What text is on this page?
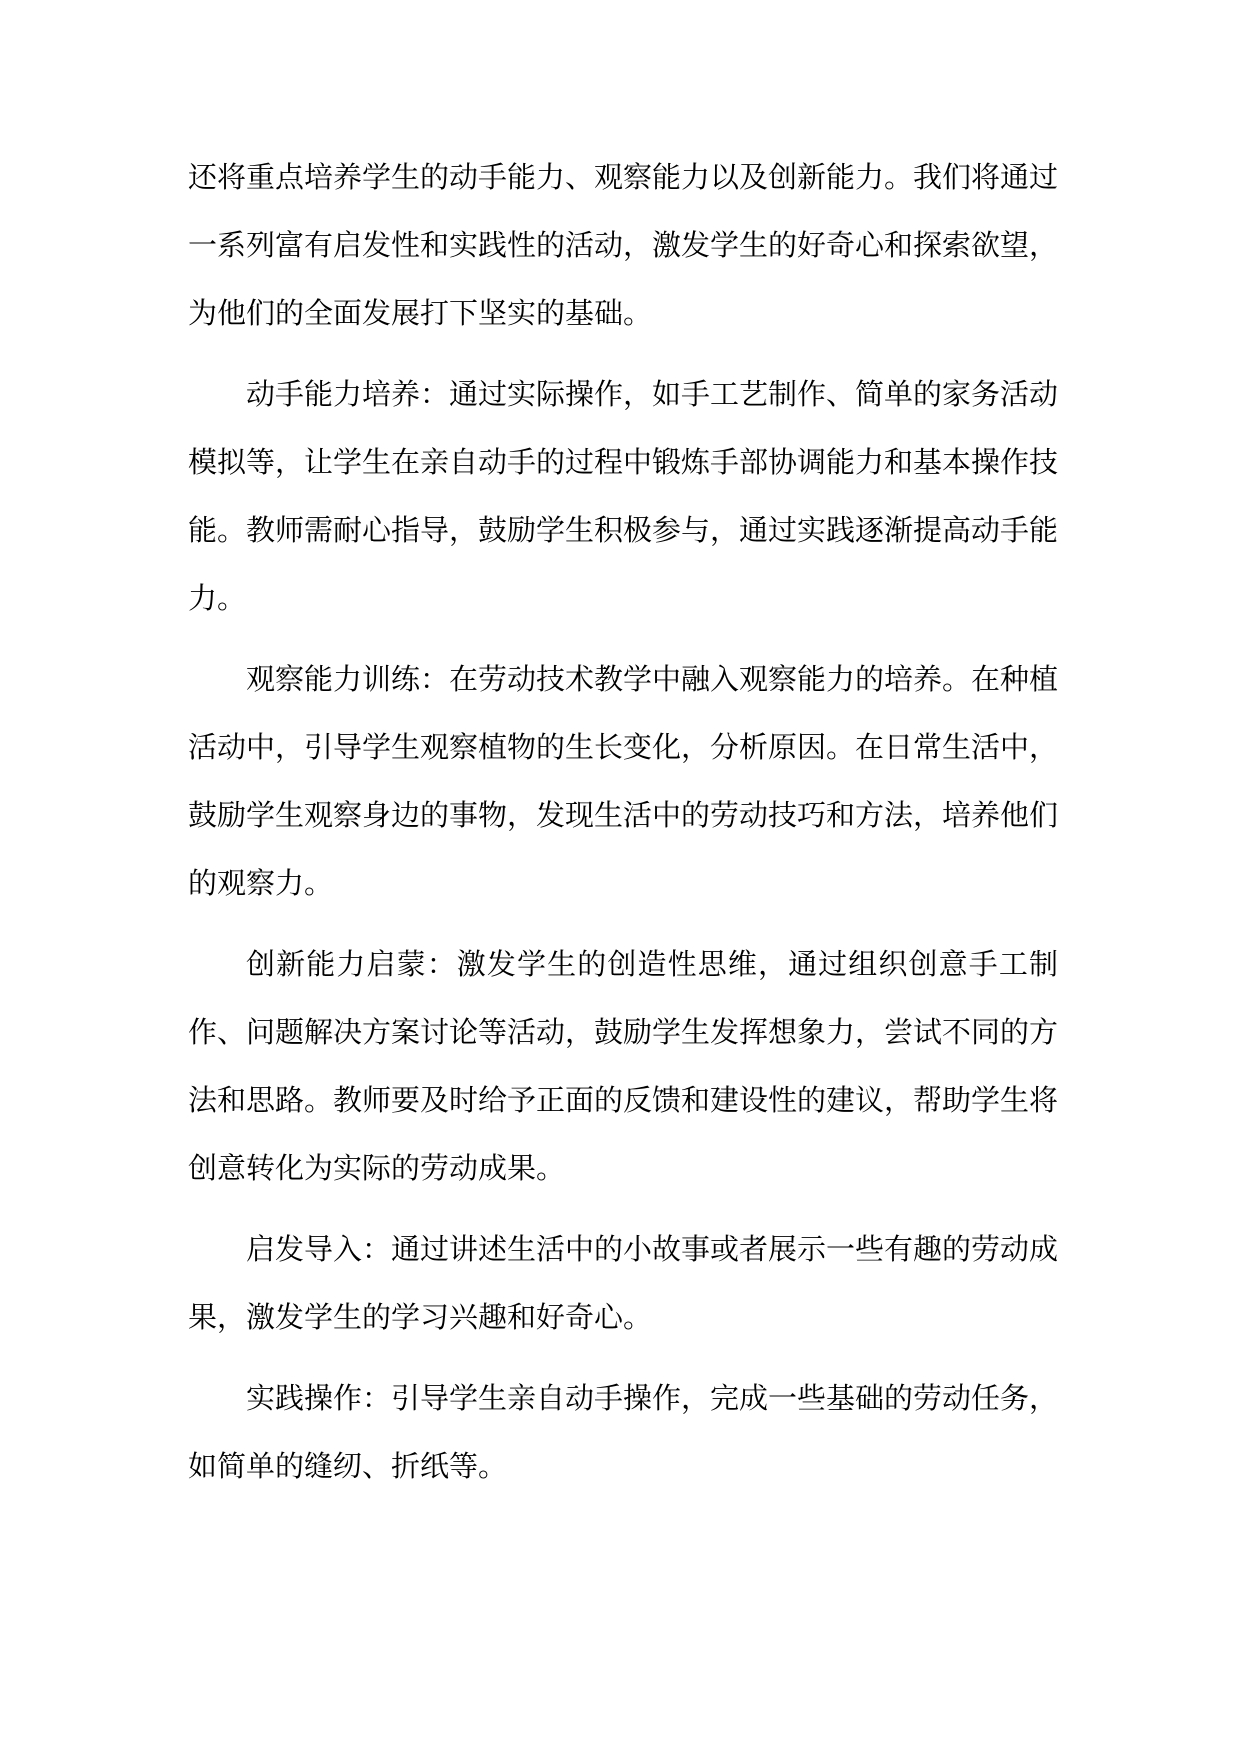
还将重点培养学生的动手能力、观察能力以及创新能力。我们将通过一系列富有启发性和实践性的活动，激发学生的好奇心和探索欲望，为他们的全面发展打下坚实的基础。

动手能力培养：通过实际操作，如手工艺制作、简单的家务活动模拟等，让学生在亲自动手的过程中锻炼手部协调能力和基本操作技能。教师需耐心指导，鼓励学生积极参与，通过实践逐渐提高动手能力。

观察能力训练：在劳动技术教学中融入观察能力的培养。在种植活动中，引导学生观察植物的生长变化，分析原因。在日常生活中，鼓励学生观察身边的事物，发现生活中的劳动技巧和方法，培养他们的观察力。

创新能力启蒙：激发学生的创造性思维，通过组织创意手工制作、问题解决方案讨论等活动，鼓励学生发挥想象力，尝试不同的方法和思路。教师要及时给予正面的反馈和建设性的建议，帮助学生将创意转化为实际的劳动成果。

启发导入：通过讲述生活中的小故事或者展示一些有趣的劳动成果，激发学生的学习兴趣和好奇心。

实践操作：引导学生亲自动手操作，完成一些基础的劳动任务，如简单的缝纫、折纸等。
